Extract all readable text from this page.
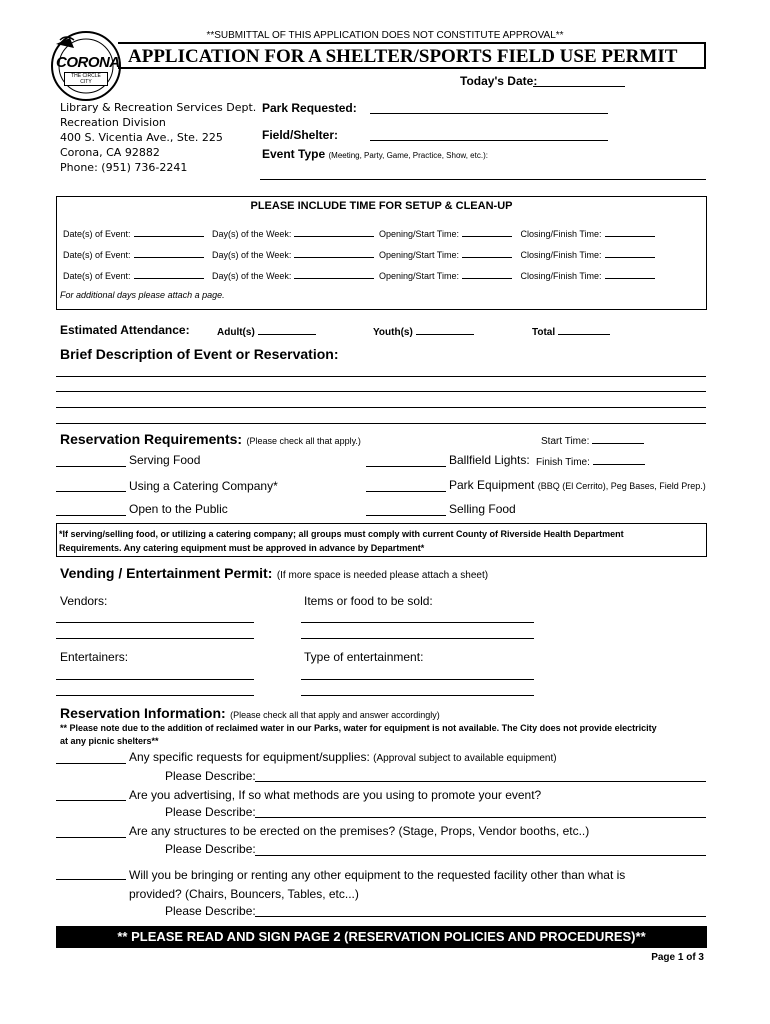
**SUBMITTAL OF THIS APPLICATION DOES NOT CONSTITUTE APPROVAL**
CORONA
THE CIRCLE CITY
APPLICATION FOR A SHELTER/SPORTS FIELD USE PERMIT
Today's Date:
Library & Recreation Services Dept.
Recreation Division
400 S. Vicentia Ave., Ste. 225
Corona, CA 92882
Phone: (951) 736-2241
Park Requested:
Field/Shelter:
Event Type (Meeting, Party, Game, Practice, Show, etc.):
PLEASE INCLUDE TIME FOR SETUP & CLEAN-UP
Date(s) of Event:	Day(s) of the Week:	Opening/Start Time:	Closing/Finish Time:
Date(s) of Event:	Day(s) of the Week:	Opening/Start Time:	Closing/Finish Time:
Date(s) of Event:	Day(s) of the Week:	Opening/Start Time:	Closing/Finish Time:
For additional days please attach a page.
Estimated Attendance:	Adult(s)	Youth(s)	Total
Brief Description of Event or Reservation:
Reservation Requirements: (Please check all that apply.)	Start Time:
Serving Food	Ballfield Lights: Finish Time:
Using a Catering Company*	Park Equipment (BBQ (El Cerrito), Peg Bases, Field Prep.)
Open to the Public	Selling Food
*If serving/selling food, or utilizing a catering company; all groups must comply with current County of Riverside Health Department
Requirements. Any catering equipment must be approved in advance by Department*
Vending / Entertainment Permit: (If more space is needed please attach a sheet)
Vendors:	Items or food to be sold:
Entertainers:	Type of entertainment:
Reservation Information: (Please check all that apply and answer accordingly)
** Please note due to the addition of reclaimed water in our Parks, water for equipment is not available. The City does not provide electricity
at any picnic shelters**
Any specific requests for equipment/supplies: (Approval subject to available equipment)
Please Describe:
Are you advertising, If so what methods are you using to promote your event?
Please Describe:
Are any structures to be erected on the premises? (Stage, Props, Vendor booths, etc..)
Please Describe:
Will you be bringing or renting any other equipment to the requested facility other than what is
provided? (Chairs, Bouncers, Tables, etc...)
Please Describe:
** PLEASE READ AND SIGN PAGE 2 (RESERVATION POLICIES AND PROCEDURES)**
Page 1 of 3
